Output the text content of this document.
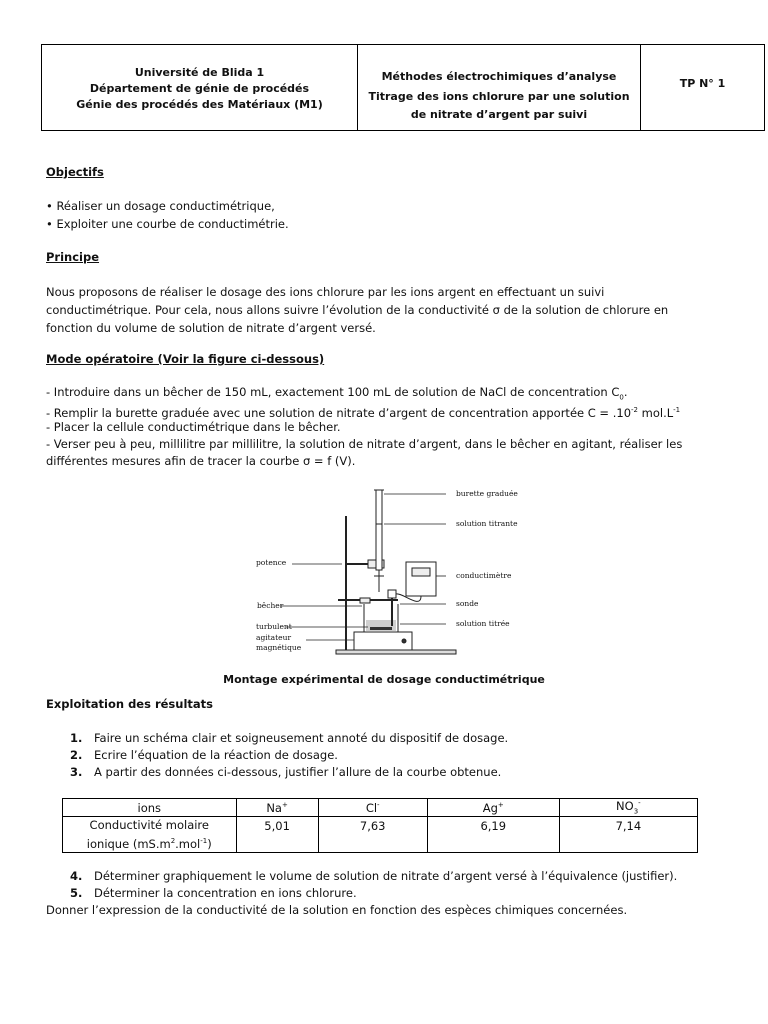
Université de Blida 1
Département de génie de procédés
Génie des procédés des Matériaux (M1)
Méthodes électrochimiques d’analyse
Titrage des ions chlorure par une solution
de nitrate d’argent par suivi
TP N° 1
Objectifs
• Réaliser un dosage conductimétrique,
• Exploiter une courbe de conductimétrie.
Principe
Nous proposons de réaliser le dosage des ions chlorure par les ions argent en effectuant un suivi
conductimétrique. Pour cela, nous allons suivre l’évolution de la conductivité σ de la solution de chlorure en
fonction du volume de solution de nitrate d’argent versé.
Mode opératoire (Voir la figure ci-dessous)
- Introduire dans un bêcher de 150 mL, exactement 100 mL de solution de NaCl de concentration $C_0$.
- Remplir la burette graduée avec une solution de nitrate d’argent de concentration apportée $C = .10^{-2}$ $mol.L^{-1}$
- Placer la cellule conductimétrique dans le bêcher.
- Verser peu à peu, millilitre par millilitre, la solution de nitrate d’argent, dans le bêcher en agitant, réaliser les
différentes mesures afin de tracer la courbe σ = f (V).
burette graduée
solution titrante
potence
conductimètre
bêcher	sonde
solution titrée
turbulent
agitateur
magnétique
Montage expérimental de dosage conductimétrique
Exploitation des résultats
1. Faire un schéma clair et soigneusement annoté du dispositif de dosage.
2. Ecrire l’équation de la réaction de dosage.
3. A partir des données ci-dessous, justifier l’allure de la courbe obtenue.
ions	Na+	Cl-	Ag+	$NO_3^-$
Conductivité molaire
ionique $(mS.m^2.mol^{-1})$	5,01	7,63	6,19	7,14
4. Déterminer graphiquement le volume de solution de nitrate d’argent versé à l’équivalence (justifier).
5. Déterminer la concentration en ions chlorure.
Donner l’expression de la conductivité de la solution en fonction des espèces chimiques concernées.
